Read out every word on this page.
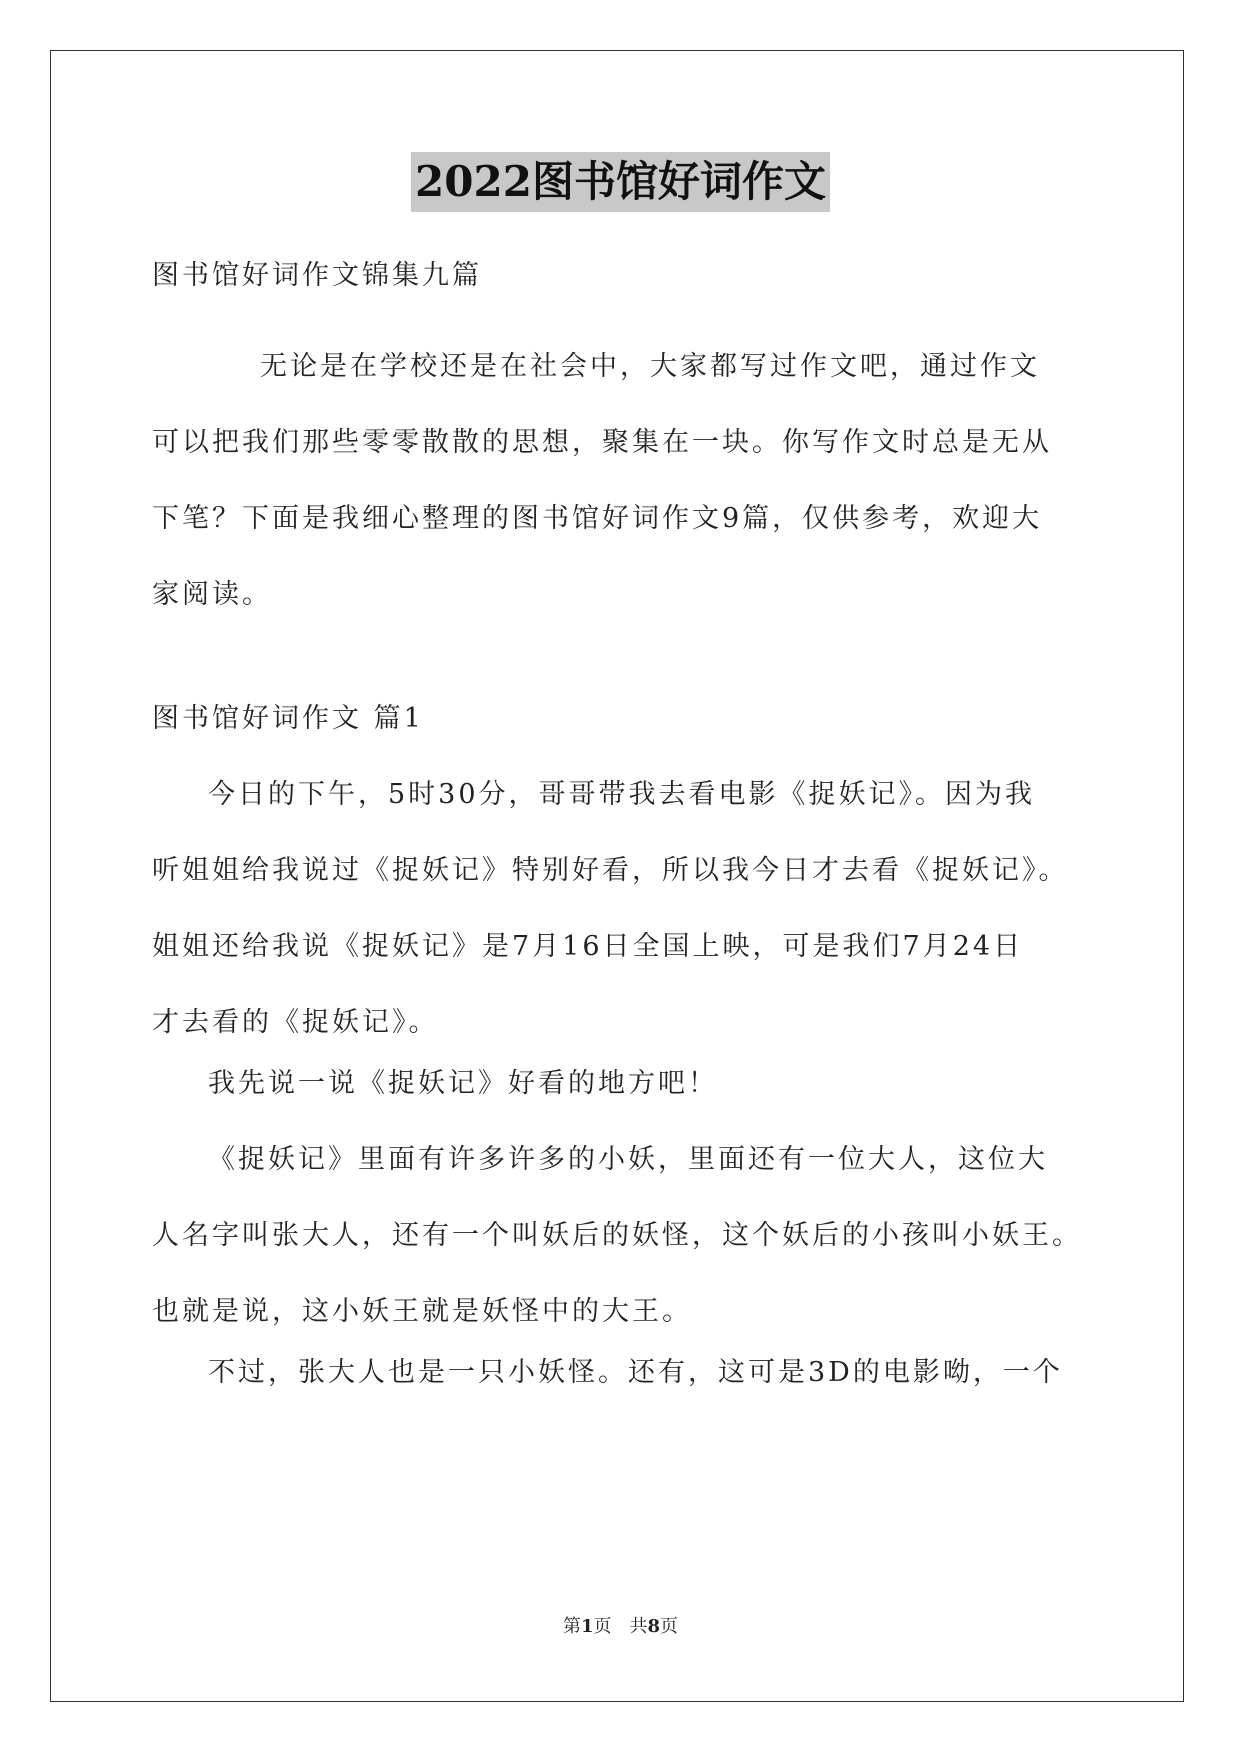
2022图书馆好词作文
图书馆好词作文锦集九篇
无论是在学校还是在社会中，大家都写过作文吧，通过作文
可以把我们那些零零散散的思想，聚集在一块。你写作文时总是无从
下笔？下面是我细心整理的图书馆好词作文9篇，仅供参考，欢迎大
家阅读。
图书馆好词作文 篇1
今日的下午，5时30分，哥哥带我去看电影《捉妖记》。因为我
听姐姐给我说过《捉妖记》特别好看，所以我今日才去看《捉妖记》。
姐姐还给我说《捉妖记》是7月16日全国上映，可是我们7月24日
才去看的《捉妖记》。
我先说一说《捉妖记》好看的地方吧！
《捉妖记》里面有许多许多的小妖，里面还有一位大人，这位大
人名字叫张大人，还有一个叫妖后的妖怪，这个妖后的小孩叫小妖王。
也就是说，这小妖王就是妖怪中的大王。
不过，张大人也是一只小妖怪。还有，这可是3D的电影呦，一个
第1页 共8页
